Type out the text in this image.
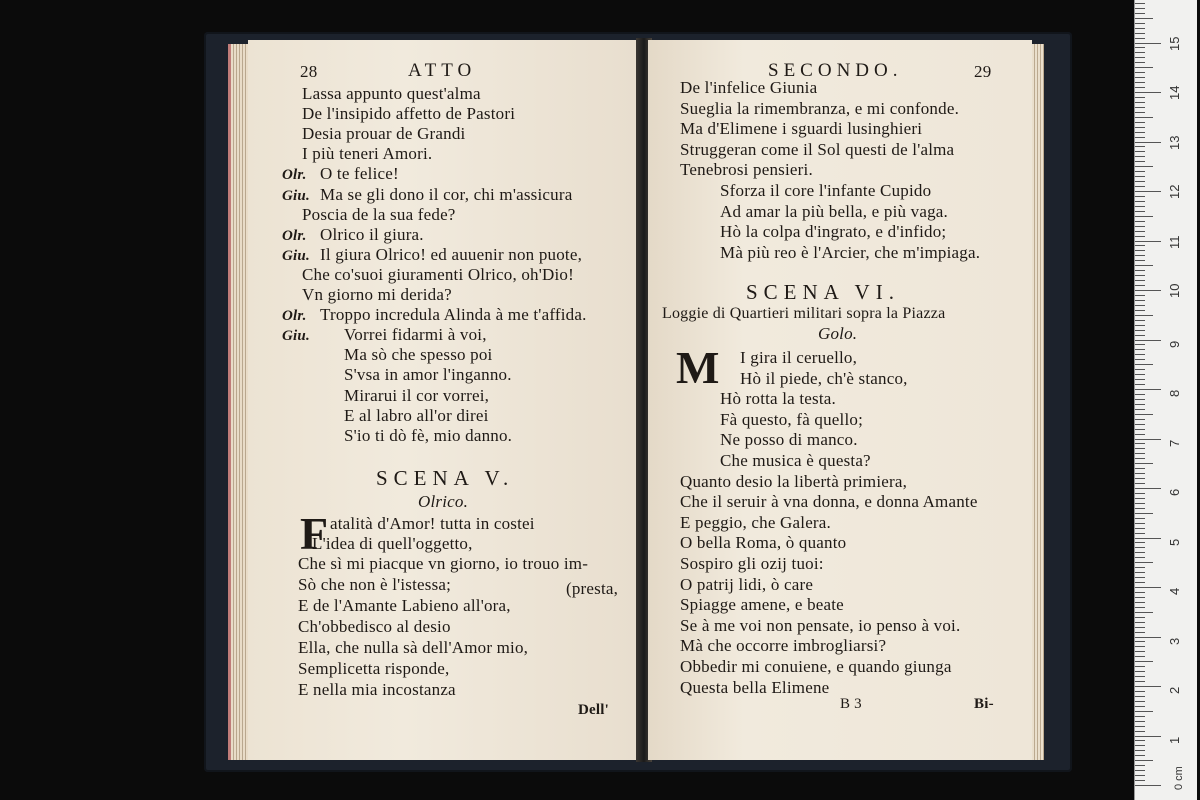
28	ATTO
Lassa appunto quest'alma
De l'insipido affetto de Pastori
Desia prouar de Grandi
I più teneri Amori.
Olr. O te felice!
Giu. Ma se gli dono il cor, chi m'assicura
Poscia de la sua fede?
Olr. Olrico il giura.
Giu. Il giura Olrico! ed auuenir non puote,
Che co'suoi giuramenti Olrico, oh'Dio!
Vn giorno mi derida?
Olr. Troppo incredula Alinda à me t'affida.
Giu. Vorrei fidarmi à voi,
Ma sò che spesso poi
S'vsa in amor l'inganno.
Mirarui il cor vorrei,
E al labro all'or direi
S'io ti dò fè, mio danno.
SCENA V.
Olrico.
F atalità d'Amor! tutta in costei
L'idea di quell'oggetto,
Che sì mi piacque vn giorno, io trouo im-
Sò che non è l'istessa;	(presta,
E de l'Amante Labieno all'ora,
Ch'obbedisco al desio
Ella, che nulla sà dell'Amor mio,
Semplicetta risponde,
E nella mia incostanza
Dell'
SECONDO.	29
De l'infelice Giunia
Sueglia la rimembranza, e mi confonde.
Ma d'Elimene i sguardi lusinghieri
Struggeran come il Sol questi de l'alma
Tenebrosi pensieri.
Sforza il core l'infante Cupido
Ad amar la più bella, e più vaga.
Hò la colpa d'ingrato, e d'infido;
Mà più reo è l'Arcier, che m'impiaga.
SCENA VI.
Loggie di Quartieri militari sopra la Piazza
Golo.
M I gira il ceruello,
Hò il piede, ch'è stanco,
Hò rotta la testa.
Fà questo, fà quello;
Ne posso di manco.
Che musica è questa?
Quanto desio la libertà primiera,
Che il seruir à vna donna, e donna Amante
E peggio, che Galera.
O bella Roma, ò quanto
Sospiro gli ozij tuoi:
O patrij lidi, ò care
Spiagge amene, e beate
Se à me voi non pensate, io penso à voi.
Mà che occorre imbrogliarsi?
Obbedir mi conuiene, e quando giunga
Questa bella Elimene
B 3	Bi-
1
2
3
4
5
6
7
8
9
10
11
12
13
14
15
0 cm
